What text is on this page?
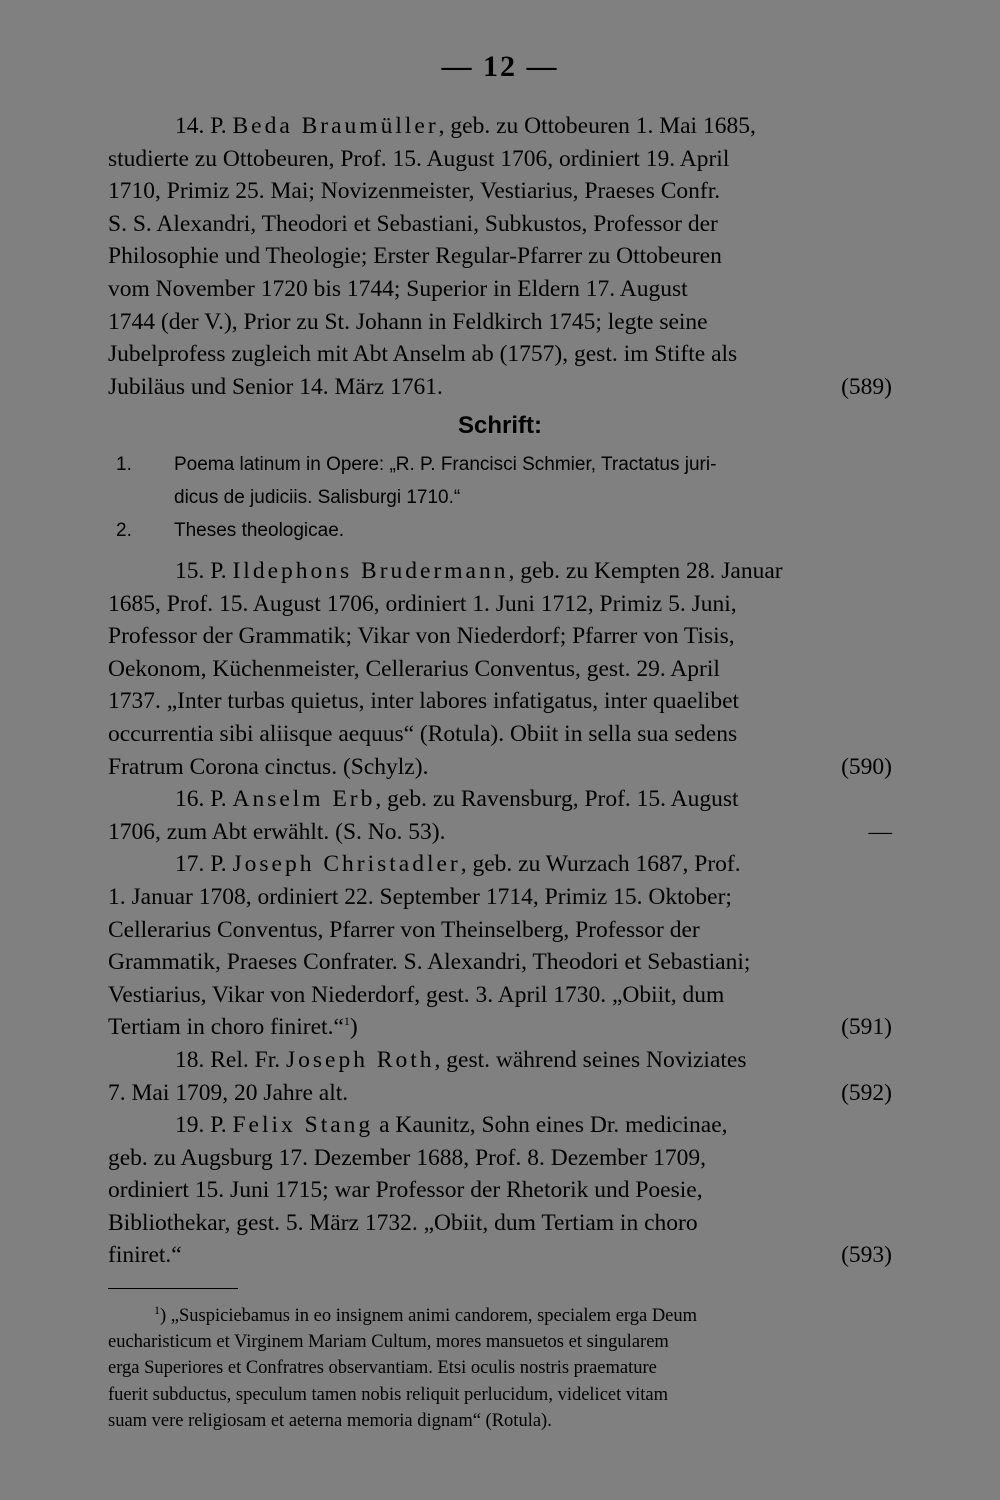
— 12 —
14. P. Beda Braumüller, geb. zu Ottobeuren 1. Mai 1685,
studierte zu Ottobeuren, Prof. 15. August 1706, ordiniert 19. April
1710, Primiz 25. Mai; Novizenmeister, Vestiarius, Praeses Confr.
S. S. Alexandri, Theodori et Sebastiani, Subkustos, Professor der
Philosophie und Theologie; Erster Regular-Pfarrer zu Ottobeuren
vom November 1720 bis 1744; Superior in Eldern 17. August
1744 (der V.), Prior zu St. Johann in Feldkirch 1745; legte seine
Jubelprofess zugleich mit Abt Anselm ab (1757), gest. im Stifte als
Jubiläus und Senior 14. März 1761.	(589)
Schrift:
1. Poema latinum in Opere: „R. P. Francisci Schmier, Tractatus juri-
dicus de judiciis. Salisburgi 1710.“
2. Theses theologicae.
15. P. Ildephons Brudermann, geb. zu Kempten 28. Januar
1685, Prof. 15. August 1706, ordiniert 1. Juni 1712, Primiz 5. Juni,
Professor der Grammatik; Vikar von Niederdorf; Pfarrer von Tisis,
Oekonom, Küchenmeister, Cellerarius Conventus, gest. 29. April
1737. „Inter turbas quietus, inter labores infatigatus, inter quaelibet
occurrentia sibi aliisque aequus“ (Rotula). Obiit in sella sua sedens
Fratrum Corona cinctus. (Schylz).	(590)
16. P. Anselm Erb, geb. zu Ravensburg, Prof. 15. August
1706, zum Abt erwählt. (S. No. 53).	—
17. P. Joseph Christadler, geb. zu Wurzach 1687, Prof.
1. Januar 1708, ordiniert 22. September 1714, Primiz 15. Oktober;
Cellerarius Conventus, Pfarrer von Theinselberg, Professor der
Grammatik, Praeses Confrater. S. Alexandri, Theodori et Sebastiani;
Vestiarius, Vikar von Niederdorf, gest. 3. April 1730. „Obiit, dum
Tertiam in choro finiret.“$^1$)	(591)
18. Rel. Fr. Joseph Roth, gest. während seines Noviziates
7. Mai 1709, 20 Jahre alt.	(592)
19. P. Felix Stang a Kaunitz, Sohn eines Dr. medicinae,
geb. zu Augsburg 17. Dezember 1688, Prof. 8. Dezember 1709,
ordiniert 15. Juni 1715; war Professor der Rhetorik und Poesie,
Bibliothekar, gest. 5. März 1732. „Obiit, dum Tertiam in choro
finiret.“	(593)
$^1$) „Suspiciebamus in eo insignem animi candorem, specialem erga Deum
eucharisticum et Virginem Mariam Cultum, mores mansuetos et singularem
erga Superiores et Confratres observantiam. Etsi oculis nostris praemature
fuerit subductus, speculum tamen nobis reliquit perlucidum, videlicet vitam
suam vere religiosam et aeterna memoria dignam“ (Rotula).
